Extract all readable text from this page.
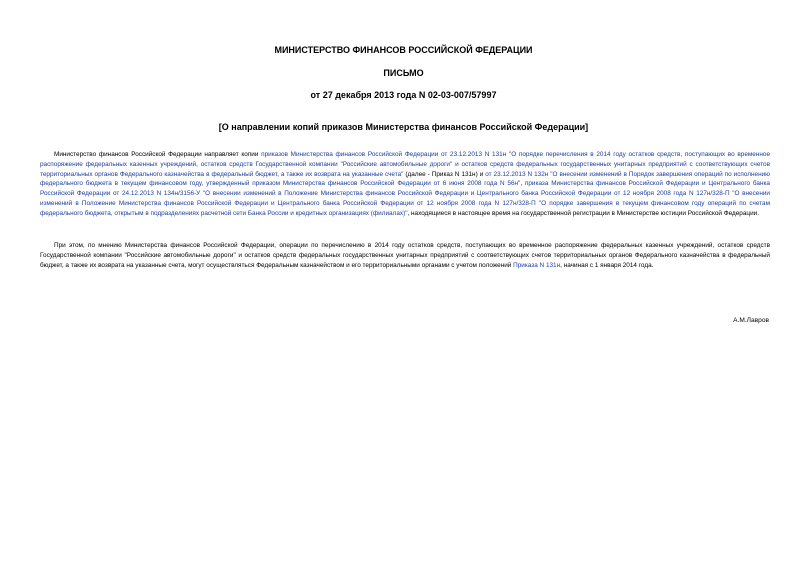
МИНИСТЕРСТВО ФИНАНСОВ РОССИЙСКОЙ ФЕДЕРАЦИИ
ПИСЬМО
от 27 декабря 2013 года N 02-03-007/57997
[О направлении копий приказов Министерства финансов Российской Федерации]
Министерство финансов Российской Федерации направляет копии приказов Министерства финансов Российской Федерации от 23.12.2013 N 131н "О порядке перечисления в 2014 году остатков средств, поступающих во временное распоряжение федеральных казенных учреждений, остатков средств Государственной компании "Российские автомобильные дороги" и остатков средств федеральных государственных унитарных предприятий с соответствующих счетов территориальных органов Федерального казначейства в федеральный бюджет, а также их возврата на указанные счета" (далее - Приказ N 131н) и от 23.12.2013 N 132н "О внесении изменений в Порядок завершения операций по исполнению федерального бюджета в текущем финансовом году, утвержденный приказом Министерства финансов Российской Федерации от 6 июня 2008 года N 56н", приказа Министерства финансов Российской Федерации и Центрального банка Российской Федерации от 24.12.2013 N 134н/3156-У "О внесении изменений в Положение Министерства финансов Российской Федерации и Центрального банка Российской Федерации от 12 ноября 2008 года N 127н/328-П "О внесении изменений в Положение Министерства финансов Российской Федерации и Центрального банка Российской Федерации от 12 ноября 2008 года N 127н/328-П "О порядке завершения в текущем финансовом году операций по счетам федерального бюджета, открытым в подразделениях расчетной сети Банка России и кредитных организациях (филиалах)", находящиеся в настоящее время на государственной регистрации в Министерстве юстиции Российской Федерации.
При этом, по мнению Министерства финансов Российской Федерации, операции по перечислению в 2014 году остатков средств, поступающих во временное распоряжение федеральных казенных учреждений, остатков средств Государственной компании "Российские автомобильные дороги" и остатков средств федеральных государственных унитарных предприятий с соответствующих счетов территориальных органов Федерального казначейства в федеральный бюджет, а также их возврата на указанные счета, могут осуществляться Федеральным казначейством и его территориальными органами с учетом положений Приказа N 131н, начиная с 1 января 2014 года.
А.М.Лавров
